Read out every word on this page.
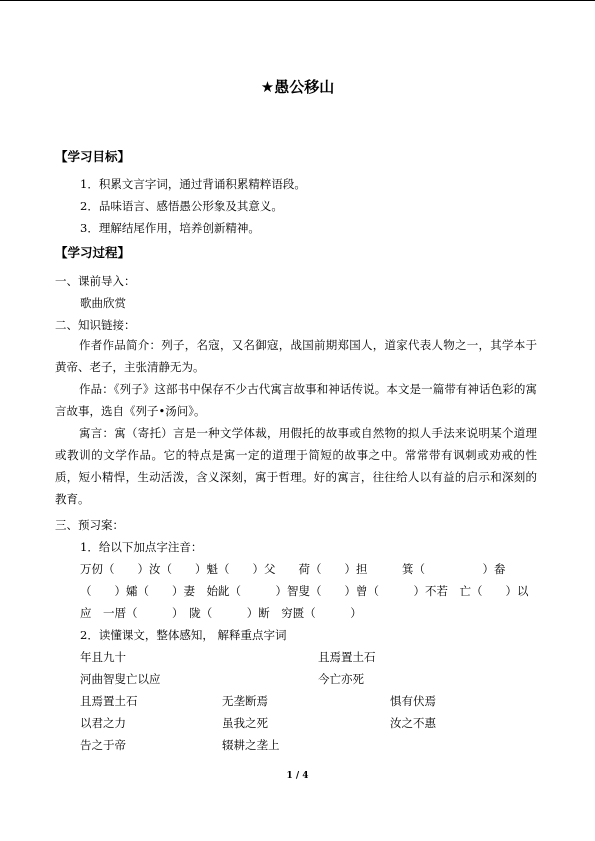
★愚公移山
【学习目标】
1．积累文言字词，通过背诵积累精粹语段。
2．品味语言、感悟愚公形象及其意义。
3．理解结尾作用，培养创新精神。
【学习过程】
一、课前导入：
歌曲欣赏
二、知识链接：
作者作品简介：列子，名寇，又名御寇，战国前期郑国人，道家代表人物之一，其学本于黄帝、老子，主张清静无为。
作品：《列子》这部书中保存不少古代寓言故事和神话传说。本文是一篇带有神话色彩的寓言故事，选自《列子•汤问》。
寓言：寓（寄托）言是一种文学体裁，用假托的故事或自然物的拟人手法来说明某个道理或教训的文学作品。它的特点是寓一定的道理于简短的故事之中。常常带有讽刺或劝戒的性质，短小精悍，生动活泼，含义深刻，寓于哲理。好的寓言，往往给人以有益的启示和深刻的教育。
三、预习案：
1．给以下加点字注音：
万仞（　　）汝（　　）魁（　　）父　　荷（　　）担　　　箕（　　　　　）畚
（　　）孀（　　）妻　始龀（　　　）智叟（　　）曾（　　　）不若　亡（　　）以
应　一厝（　　　）　陇（　　　）断　穷匮（　　　）
2．读懂课文，整体感知， 解释重点字词
年且九十	且焉置土石
河曲智叟亡以应	今亡亦死
且焉置土石	无垄断焉	惧有伏焉
以君之力	虽我之死	汝之不惠
告之于帝	辍耕之垄上
1 / 4
